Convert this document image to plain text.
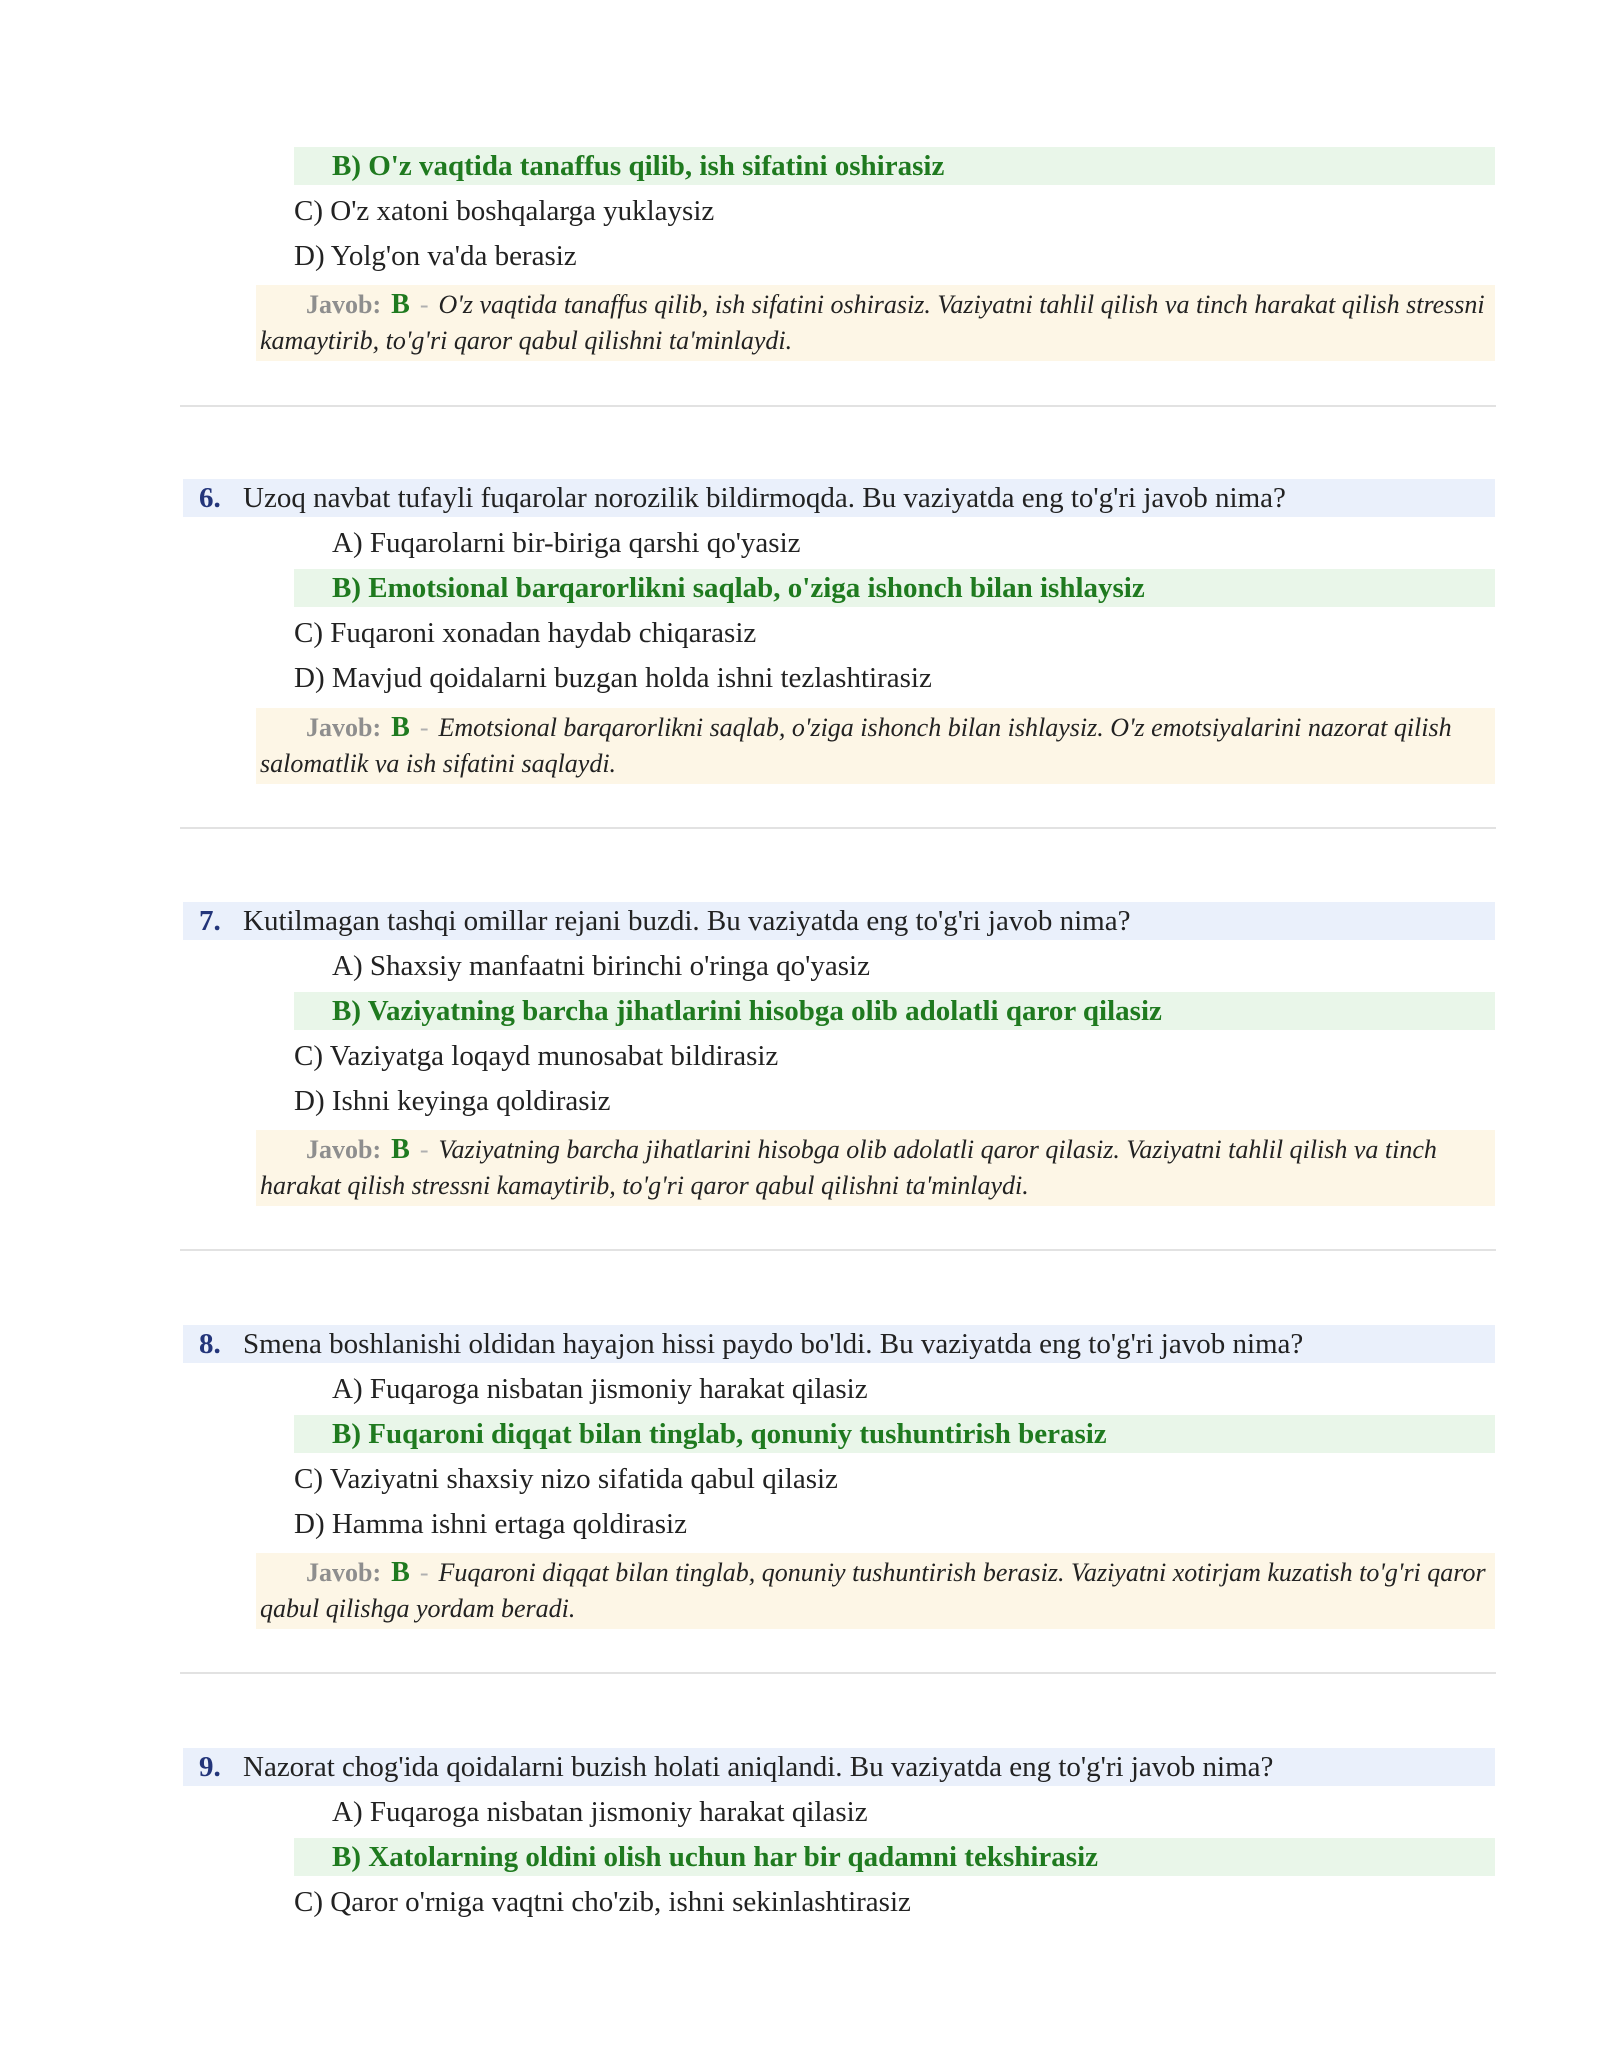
B) O'z vaqtida tanaffus qilib, ish sifatini oshirasiz
C) O'z xatoni boshqalarga yuklaysiz
D) Yolg'on va'da berasiz
Javob: B - O'z vaqtida tanaffus qilib, ish sifatini oshirasiz. Vaziyatni tahlil qilish va tinch harakat qilish stressni kamaytirib, to'g'ri qaror qabul qilishni ta'minlaydi.
6. Uzoq navbat tufayli fuqarolar norozilik bildirmoqda. Bu vaziyatda eng to'g'ri javob nima?
A) Fuqarolarni bir-biriga qarshi qo'yasiz
B) Emotsional barqarorlikni saqlab, o'ziga ishonch bilan ishlaysiz
C) Fuqaroni xonadan haydab chiqarasiz
D) Mavjud qoidalarni buzgan holda ishni tezlashtirasiz
Javob: B - Emotsional barqarorlikni saqlab, o'ziga ishonch bilan ishlaysiz. O'z emotsiyalarini nazorat qilish salomatlik va ish sifatini saqlaydi.
7. Kutilmagan tashqi omillar rejani buzdi. Bu vaziyatda eng to'g'ri javob nima?
A) Shaxsiy manfaatni birinchi o'ringa qo'yasiz
B) Vaziyatning barcha jihatlarini hisobga olib adolatli qaror qilasiz
C) Vaziyatga loqayd munosabat bildirasiz
D) Ishni keyinga qoldirasiz
Javob: B - Vaziyatning barcha jihatlarini hisobga olib adolatli qaror qilasiz. Vaziyatni tahlil qilish va tinch harakat qilish stressni kamaytirib, to'g'ri qaror qabul qilishni ta'minlaydi.
8. Smena boshlanishi oldidan hayajon hissi paydo bo'ldi. Bu vaziyatda eng to'g'ri javob nima?
A) Fuqaroga nisbatan jismoniy harakat qilasiz
B) Fuqaroni diqqat bilan tinglab, qonuniy tushuntirish berasiz
C) Vaziyatni shaxsiy nizo sifatida qabul qilasiz
D) Hamma ishni ertaga qoldirasiz
Javob: B - Fuqaroni diqqat bilan tinglab, qonuniy tushuntirish berasiz. Vaziyatni xotirjam kuzatish to'g'ri qaror qabul qilishga yordam beradi.
9. Nazorat chog'ida qoidalarni buzish holati aniqlandi. Bu vaziyatda eng to'g'ri javob nima?
A) Fuqaroga nisbatan jismoniy harakat qilasiz
B) Xatolarning oldini olish uchun har bir qadamni tekshirasiz
C) Qaror o'rniga vaqtni cho'zib, ishni sekinlashtirasiz
